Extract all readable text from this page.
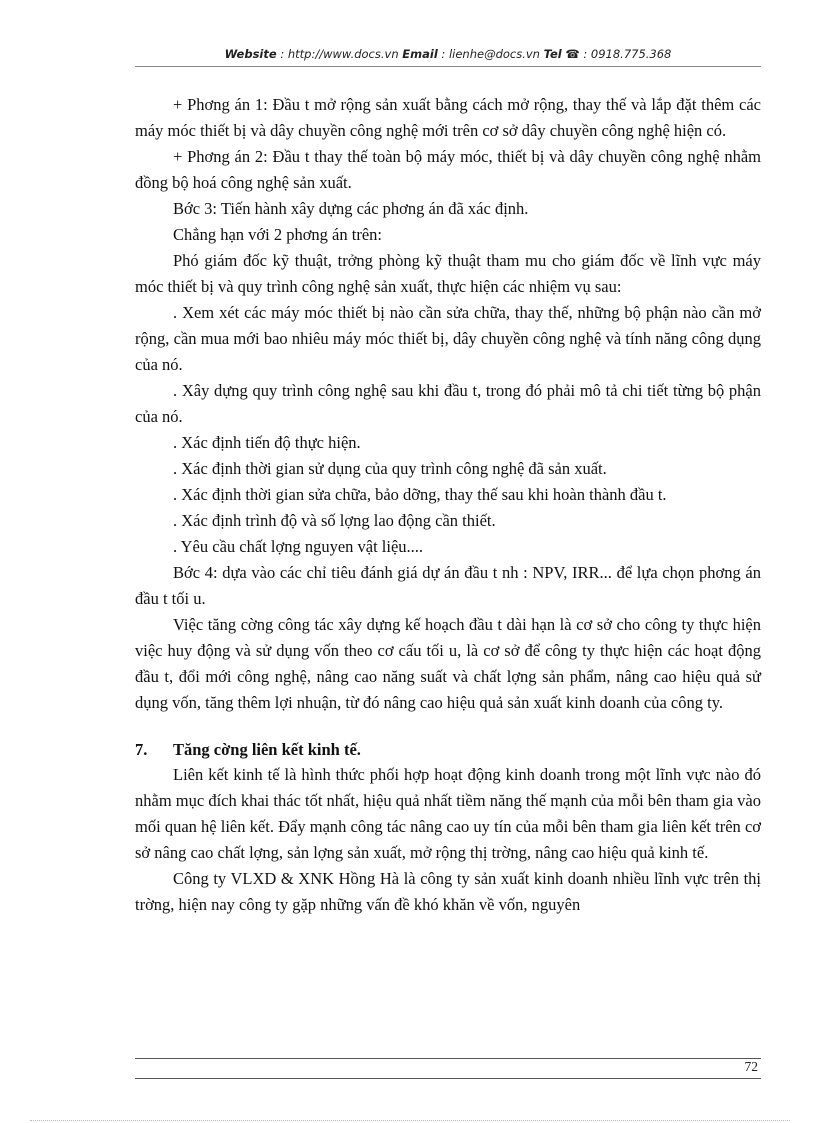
Website : http://www.docs.vn Email : lienhe@docs.vn Tel ☎ : 0918.775.368

+ Phơng án 1: Đầu t mở rộng sản xuất bằng cách mở rộng, thay thế và lắp đặt thêm các máy móc thiết bị và dây chuyền công nghệ mới trên cơ sở dây chuyền công nghệ hiện có.

+ Phơng án 2: Đầu t thay thế toàn bộ máy móc, thiết bị và dây chuyền công nghệ nhằm đồng bộ hoá công nghệ sản xuất.

Bớc 3: Tiến hành xây dựng các phơng án đã xác định.

Chẳng hạn với 2 phơng án trên:

Phó giám đốc kỹ thuật, trởng phòng kỹ thuật tham mu cho giám đốc về lĩnh vực máy móc thiết bị và quy trình công nghệ sản xuất, thực hiện các nhiệm vụ sau:

. Xem xét các máy móc thiết bị nào cần sửa chữa, thay thế, những bộ phận nào cần mở rộng, cần mua mới bao nhiêu máy móc thiết bị, dây chuyền công nghệ và tính năng công dụng của nó.

. Xây dựng quy trình công nghệ sau khi đầu t, trong đó phải mô tả chi tiết từng bộ phận của nó.

. Xác định tiến độ thực hiện.

. Xác định thời gian sử dụng của quy trình công nghệ đã sản xuất.

. Xác định thời gian sửa chữa, bảo dỡng, thay thế sau khi hoàn thành đầu t.

. Xác định trình độ và số lợng lao động cần thiết.

. Yêu cầu chất lợng nguyen vật liệu....

Bớc 4: dựa vào các chỉ tiêu đánh giá dự án đầu t nh : NPV, IRR... để lựa chọn phơng án đầu t tối u.

Việc tăng cờng công tác xây dựng kế hoạch đầu t dài hạn là cơ sở cho công ty thực hiện việc huy động và sử dụng vốn theo cơ cấu tối u, là cơ sở để công ty thực hiện các hoạt động đầu t, đổi mới công nghệ, nâng cao năng suất và chất lợng sản phẩm, nâng cao hiệu quả sử dụng vốn, tăng thêm lợi nhuận, từ đó nâng cao hiệu quả sản xuất kinh doanh của công ty.

7. Tăng cờng liên kết kinh tế.

Liên kết kinh tế là hình thức phối hợp hoạt động kinh doanh trong một lĩnh vực nào đó nhằm mục đích khai thác tốt nhất, hiệu quả nhất tiềm năng thế mạnh của mỗi bên tham gia vào mối quan hệ liên kết. Đẩy mạnh công tác nâng cao uy tín của mỗi bên tham gia liên kết trên cơ sở nâng cao chất lợng, sản lợng sản xuất, mở rộng thị trờng, nâng cao hiệu quả kinh tế.

Công ty VLXD & XNK Hồng Hà là công ty sản xuất kinh doanh nhiều lĩnh vực trên thị trờng, hiện nay công ty gặp những vấn đề khó khăn về vốn, nguyên

72
